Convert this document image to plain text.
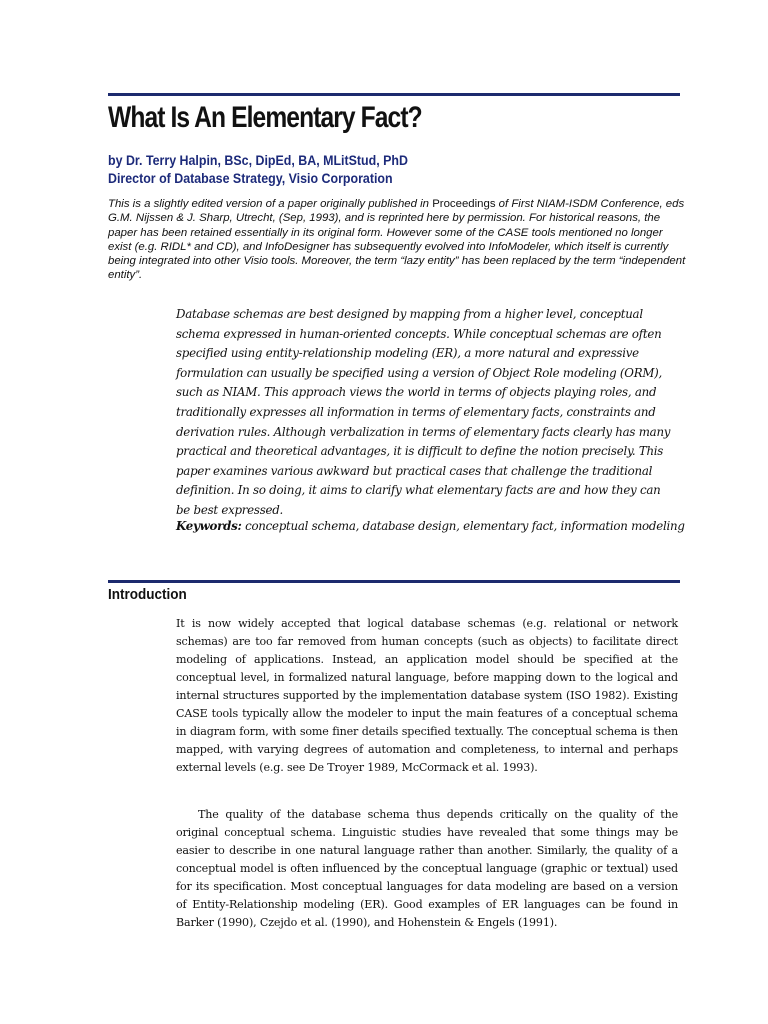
What Is An Elementary Fact?
by Dr. Terry Halpin, BSc, DipEd, BA, MLitStud, PhD
Director of Database Strategy, Visio Corporation
This is a slightly edited version of a paper originally published in Proceedings of First NIAM-ISDM Conference, eds G.M. Nijssen & J. Sharp, Utrecht, (Sep, 1993), and is reprinted here by permission. For historical reasons, the paper has been retained essentially in its original form. However some of the CASE tools mentioned no longer exist (e.g. RIDL* and CD), and InfoDesigner has subsequently evolved into InfoModeler, which itself is currently being integrated into other Visio tools. Moreover, the term “lazy entity” has been replaced by the term “independent entity”.
Database schemas are best designed by mapping from a higher level, conceptual schema expressed in human-oriented concepts. While conceptual schemas are often specified using entity-relationship modeling (ER), a more natural and expressive formulation can usually be specified using a version of Object Role modeling (ORM), such as NIAM. This approach views the world in terms of objects playing roles, and traditionally expresses all information in terms of elementary facts, constraints and derivation rules. Although verbalization in terms of elementary facts clearly has many practical and theoretical advantages, it is difficult to define the notion precisely. This paper examines various awkward but practical cases that challenge the traditional definition. In so doing, it aims to clarify what elementary facts are and how they can be best expressed.
Keywords: conceptual schema, database design, elementary fact, information modeling
Introduction

It is now widely accepted that logical database schemas (e.g. relational or network schemas) are too far removed from human concepts (such as objects) to facilitate direct modeling of applications. Instead, an application model should be specified at the conceptual level, in formalized natural language, before mapping down to the logical and internal structures supported by the implementation database system (ISO 1982). Existing CASE tools typically allow the modeler to input the main features of a conceptual schema in diagram form, with some finer details specified textually. The conceptual schema is then mapped, with varying degrees of automation and completeness, to internal and perhaps external levels (e.g. see De Troyer 1989, McCormack et al. 1993).

The quality of the database schema thus depends critically on the quality of the original conceptual schema. Linguistic studies have revealed that some things may be easier to describe in one natural language rather than another. Similarly, the quality of a conceptual model is often influenced by the conceptual language (graphic or textual) used for its specification. Most conceptual languages for data modeling are based on a version of Entity-Relationship modeling (ER). Good examples of ER languages can be found in Barker (1990), Czejdo et al. (1990), and Hohenstein & Engels (1991).
